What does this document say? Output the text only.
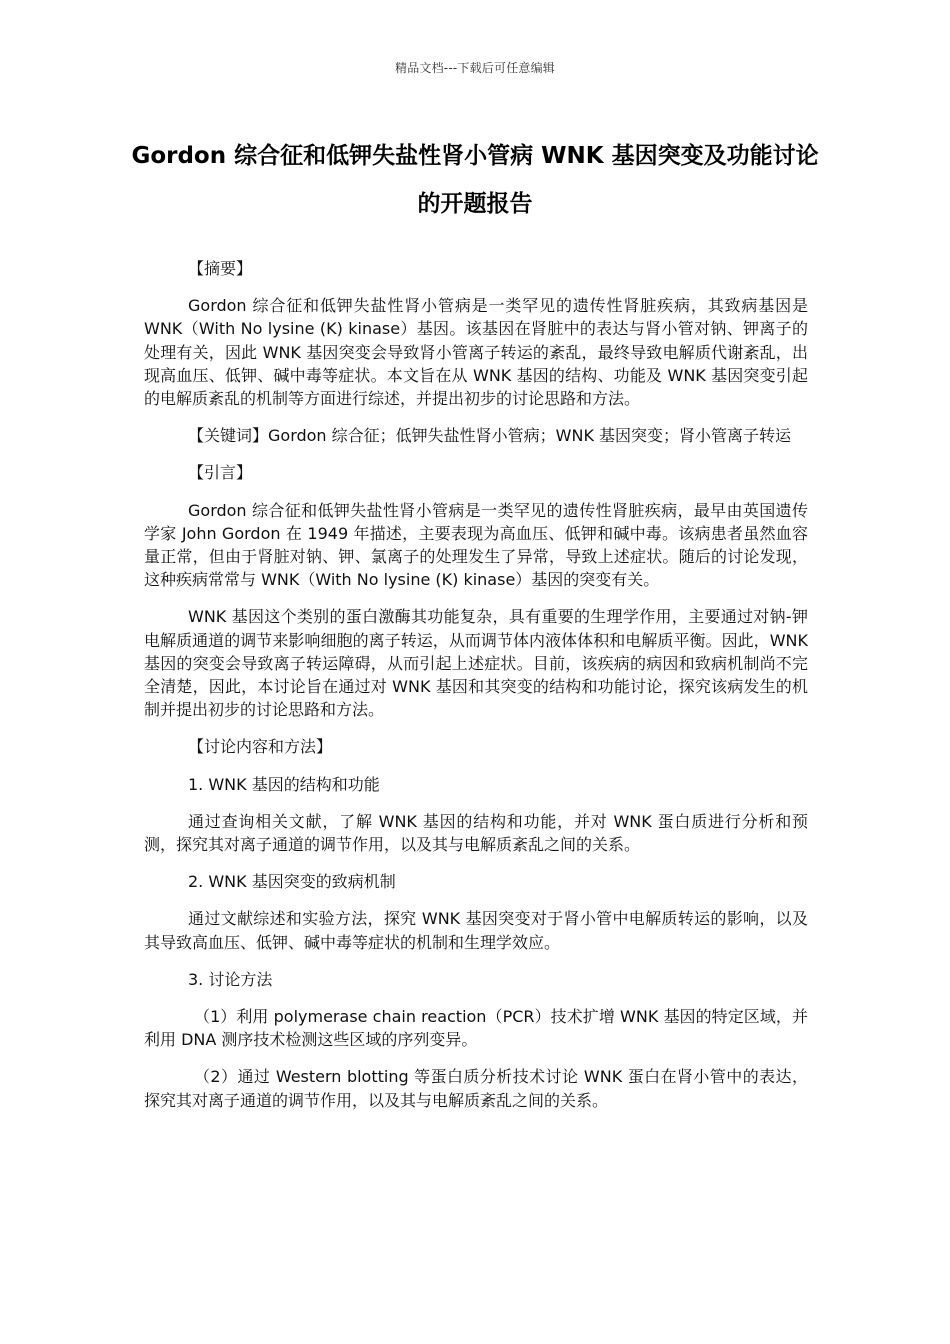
精品文档---下载后可任意编辑
Gordon 综合征和低钾失盐性肾小管病 WNK 基因突变及功能讨论的开题报告

【摘要】

Gordon 综合征和低钾失盐性肾小管病是一类罕见的遗传性肾脏疾病，其致病基因是 WNK（With No lysine (K) kinase）基因。该基因在肾脏中的表达与肾小管对钠、钾离子的处理有关，因此 WNK 基因突变会导致肾小管离子转运的紊乱，最终导致电解质代谢紊乱，出现高血压、低钾、碱中毒等症状。本文旨在从 WNK 基因的结构、功能及 WNK 基因突变引起的电解质紊乱的机制等方面进行综述，并提出初步的讨论思路和方法。

【关键词】Gordon 综合征；低钾失盐性肾小管病；WNK 基因突变；肾小管离子转运

【引言】

Gordon 综合征和低钾失盐性肾小管病是一类罕见的遗传性肾脏疾病，最早由英国遗传学家 John Gordon 在 1949 年描述，主要表现为高血压、低钾和碱中毒。该病患者虽然血容量正常，但由于肾脏对钠、钾、氯离子的处理发生了异常，导致上述症状。随后的讨论发现，这种疾病常常与 WNK（With No lysine (K) kinase）基因的突变有关。

WNK 基因这个类别的蛋白激酶其功能复杂，具有重要的生理学作用，主要通过对钠-钾电解质通道的调节来影响细胞的离子转运，从而调节体内液体体积和电解质平衡。因此，WNK 基因的突变会导致离子转运障碍，从而引起上述症状。目前，该疾病的病因和致病机制尚不完全清楚，因此，本讨论旨在通过对 WNK 基因和其突变的结构和功能讨论，探究该病发生的机制并提出初步的讨论思路和方法。

【讨论内容和方法】

1. WNK 基因的结构和功能

通过查询相关文献，了解 WNK 基因的结构和功能，并对 WNK 蛋白质进行分析和预测，探究其对离子通道的调节作用，以及其与电解质紊乱之间的关系。

2. WNK 基因突变的致病机制

通过文献综述和实验方法，探究 WNK 基因突变对于肾小管中电解质转运的影响，以及其导致高血压、低钾、碱中毒等症状的机制和生理学效应。

3. 讨论方法

（1）利用 polymerase chain reaction（PCR）技术扩增 WNK 基因的特定区域，并利用 DNA 测序技术检测这些区域的序列变异。

（2）通过 Western blotting 等蛋白质分析技术讨论 WNK 蛋白在肾小管中的表达，探究其对离子通道的调节作用，以及其与电解质紊乱之间的关系。
